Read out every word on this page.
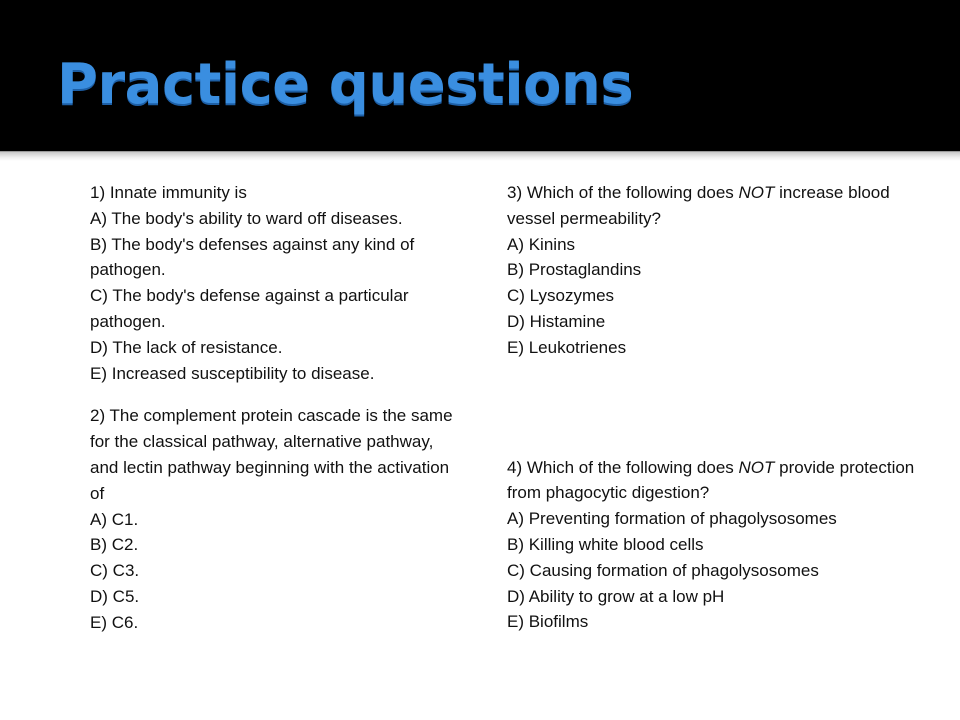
Practice questions

1) Innate immunity is

A) The body's ability to ward off diseases.

B) The body's defenses against any kind of pathogen.

C) The body's defense against a particular pathogen.

D) The lack of resistance.

E) Increased susceptibility to disease.

2) The complement protein cascade is the same for the classical pathway, alternative pathway, and lectin pathway beginning with the activation of

A) C1.

B) C2.

C) C3.

D) C5.

E) C6.

3) Which of the following does NOT increase blood vessel permeability?

A) Kinins

B) Prostaglandins

C) Lysozymes

D) Histamine

E) Leukotrienes

4) Which of the following does NOT provide protection from phagocytic digestion?

A) Preventing formation of phagolysosomes

B) Killing white blood cells

C) Causing formation of phagolysosomes

D) Ability to grow at a low pH

E) Biofilms
